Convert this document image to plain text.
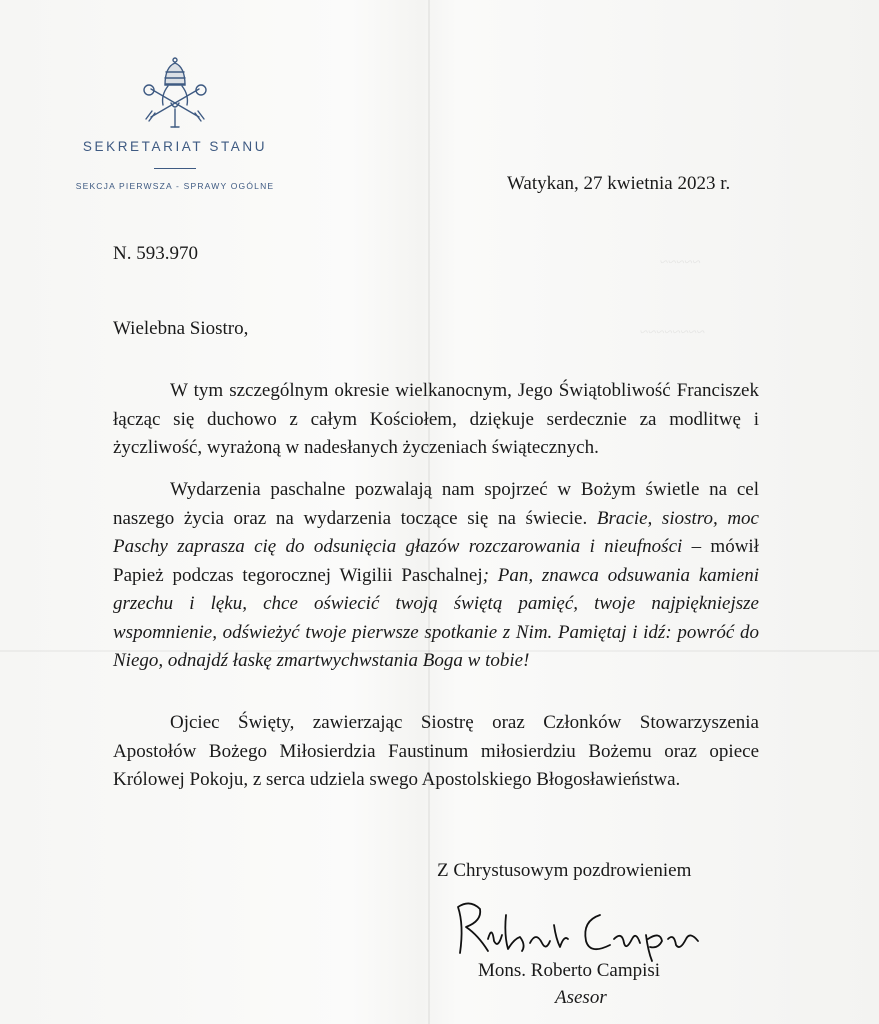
~~~~~
~~~~~~~~
SEKRETARIAT STANU
SEKCJA PIERWSZA - SPRAWY OGÓLNE	Watykan, 27 kwietnia 2023 r.
N. 593.970
Wielebna Siostro,

W tym szczególnym okresie wielkanocnym, Jego Świątobliwość Franciszek łącząc się duchowo z całym Kościołem, dziękuje serdecznie za modlitwę i życzliwość, wyrażoną w nadesłanych życzeniach świątecznych.

Wydarzenia paschalne pozwalają nam spojrzeć w Bożym świetle na cel naszego życia oraz na wydarzenia toczące się na świecie. Bracie, siostro, moc Paschy zaprasza cię do odsunięcia głazów rozczarowania i nieufności – mówił Papież podczas tegorocznej Wigilii Paschalnej; Pan, znawca odsuwania kamieni grzechu i lęku, chce oświecić twoją świętą pamięć, twoje najpiękniejsze wspomnienie, odświeżyć twoje pierwsze spotkanie z Nim. Pamiętaj i idź: powróć do Niego, odnajdź łaskę zmartwychwstania Boga w tobie!

Ojciec Święty, zawierzając Siostrę oraz Członków Stowarzyszenia Apostołów Bożego Miłosierdzia Faustinum miłosierdziu Bożemu oraz opiece Królowej Pokoju, z serca udziela swego Apostolskiego Błogosławieństwa.

Z Chrystusowym pozdrowieniem
Mons. Roberto Campisi
Asesor
